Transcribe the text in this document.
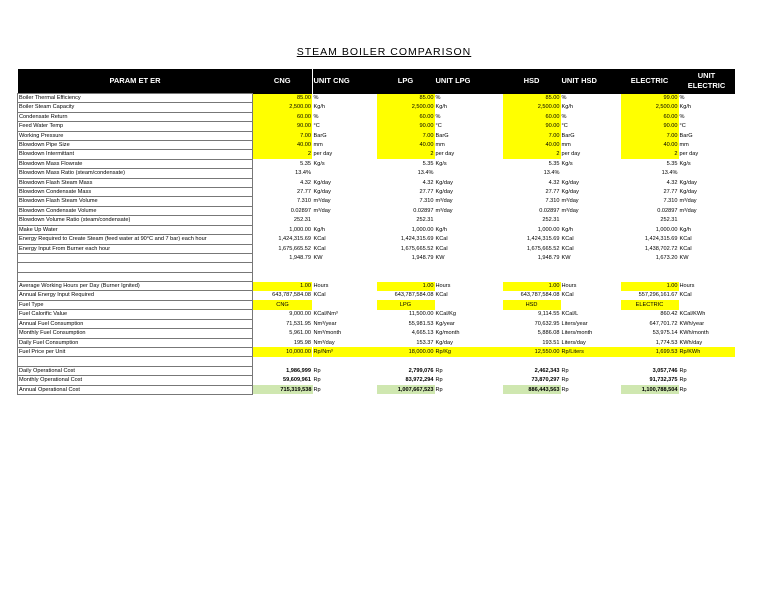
STEAM BOILER COMPARISON
PARAM ET ER	CNG	UNIT CNG	LPG	UNIT LPG	HSD	UNIT HSD	ELECTRIC	UNIT ELECTRIC
Boiler Thermal Efficiency	85.00	%	85.00	%	85.00	%	99.00	%
Boiler Steam Capacity	2,500.00	Kg/h	2,500.00	Kg/h	2,500.00	Kg/h	2,500.00	Kg/h
Condensate Return	60.00	%	60.00	%	60.00	%	60.00	%
Feed Water Temp	90.00	°C	90.00	°C	90.00	°C	90.00	°C
Working Pressure	7.00	BarG	7.00	BarG	7.00	BarG	7.00	BarG
Blowdown Pipe Size	40.00	mm	40.00	mm	40.00	mm	40.00	mm
Blowdown Intermittant	2	per day	2	per day	2	per day	2	per day
Blowdown Mass Flowrate	5.35	Kg/s	5.35	Kg/s	5.35	Kg/s	5.35	Kg/s
Blowdown Mass Ratio (steam/condensate)	13.4%		13.4%		13.4%		13.4%	
Blowdown Flash Steam Mass	4.32	Kg/day	4.32	Kg/day	4.32	Kg/day	4.32	Kg/day
Blowdown Condensate Mass	27.77	Kg/day	27.77	Kg/day	27.77	Kg/day	27.77	Kg/day
Blowdown Flash Steam Volume	7.310	m³/day	7.310	m³/day	7.310	m³/day	7.310	m³/day
Blowdown Condensate Volume	0.02897	m³/day	0.02897	m³/day	0.02897	m³/day	0.02897	m³/day
Blowdown Volume Ratio (steam/condensate)	252.31		252.31		252.31		252.31	
Make Up Water	1,000.00	Kg/h	1,000.00	Kg/h	1,000.00	Kg/h	1,000.00	Kg/h
Energy Required to Create Steam (feed water at 90°C and 7 bar) each hour	1,424,315.69	KCal	1,424,315.69	KCal	1,424,315.69	KCal	1,424,315.69	KCal
Energy Input From Burner each hour	1,675,665.52	KCal	1,675,665.52	KCal	1,675,665.52	KCal	1,438,702.72	KCal
	1,948.79	KW	1,948.79	KW	1,948.79	KW	1,673.20	KW

Average Working Hours per Day (Burner Ignited)	1.00	Hours	1.00	Hours	1.00	Hours	1.00	Hours
Annual Energy Input Required	643,787,584.08	KCal	643,787,584.08	KCal	643,787,584.08	KCal	557,296,161.67	KCal
Fuel Type	CNG		LPG		HSD		ELECTRIC	
Fuel Calorific Value	9,000.00	KCal/Nm³	11,500.00	KCal/Kg	9,114.55	KCal/L	860.42	KCal/KWh
Annual Fuel Consumption	71,531.95	Nm³/year	55,981.53	Kg/year	70,632.95	Liters/year	647,701.72	KWh/year
Monthly Fuel Consumption	5,961.00	Nm³/month	4,665.13	Kg/month	5,886.08	Liters/month	53,975.14	KWh/month
Daily Fuel Consumption	195.98	Nm³/day	153.37	Kg/day	193.51	Liters/day	1,774.53	KWh/day
Fuel Price per Unit	10,000.00	Rp/Nm³	18,000.00	Rp/Kg	12,550.00	Rp/Liters	1,699.53	Rp/KWh

Daily Operational Cost	1,986,999	Rp	2,799,076	Rp	2,462,343	Rp	3,057,746	Rp
Monthly Operational Cost	59,609,961	Rp	83,972,294	Rp	73,870,297	Rp	91,732,375	Rp
Annual Operational Cost	715,319,538	Rp	1,007,667,523	Rp	886,443,563	Rp	1,100,788,504	Rp
